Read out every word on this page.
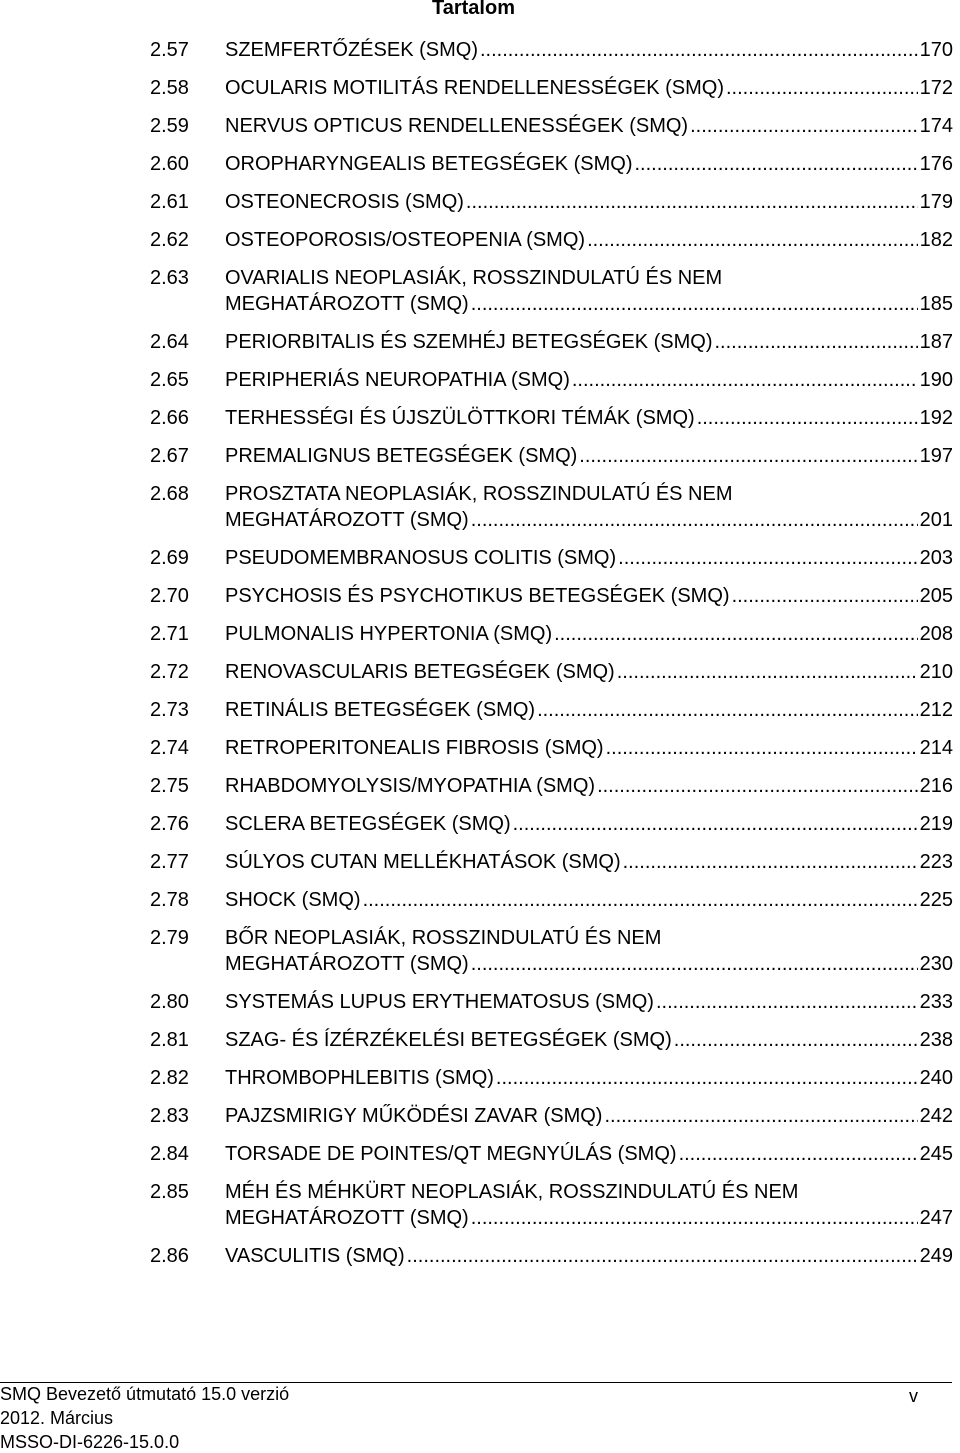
Tartalom
2.57	SZEMFERTŐZÉSEK (SMQ) .....	170
2.58	OCULARIS MOTILITÁS RENDELLENESSÉGEK (SMQ) .....	172
2.59	NERVUS OPTICUS RENDELLENESSÉGEK (SMQ) .....	174
2.60	OROPHARYNGEALIS BETEGSÉGEK (SMQ) .....	176
2.61	OSTEONECROSIS (SMQ) .....	179
2.62	OSTEOPOROSIS/OSTEOPENIA (SMQ) .....	182
2.63	OVARIALIS NEOPLASIÁK, ROSSZINDULATÚ ÉS NEM
MEGHATÁROZOTT (SMQ) .....	185
2.64	PERIORBITALIS ÉS SZEMHÉJ BETEGSÉGEK (SMQ) .....	187
2.65	PERIPHERIÁS NEUROPATHIA (SMQ) .....	190
2.66	TERHESSÉGI ÉS ÚJSZÜLÖTTKORI TÉMÁK (SMQ) .....	192
2.67	PREMALIGNUS BETEGSÉGEK (SMQ) .....	197
2.68	PROSZTATA NEOPLASIÁK, ROSSZINDULATÚ ÉS NEM
MEGHATÁROZOTT (SMQ) .....	201
2.69	PSEUDOMEMBRANOSUS COLITIS (SMQ) .....	203
2.70	PSYCHOSIS ÉS PSYCHOTIKUS BETEGSÉGEK (SMQ) .....	205
2.71	PULMONALIS HYPERTONIA (SMQ) .....	208
2.72	RENOVASCULARIS BETEGSÉGEK (SMQ) .....	210
2.73	RETINÁLIS BETEGSÉGEK (SMQ) .....	212
2.74	RETROPERITONEALIS FIBROSIS (SMQ) .....	214
2.75	RHABDOMYOLYSIS/MYOPATHIA (SMQ) .....	216
2.76	SCLERA BETEGSÉGEK (SMQ) .....	219
2.77	SÚLYOS CUTAN MELLÉKHATÁSOK (SMQ) .....	223
2.78	SHOCK (SMQ) .....	225
2.79	BŐR NEOPLASIÁK, ROSSZINDULATÚ ÉS NEM
MEGHATÁROZOTT (SMQ) .....	230
2.80	SYSTEMÁS LUPUS ERYTHEMATOSUS (SMQ) .....	233
2.81	SZAG- ÉS ÍZÉRZÉKELÉSI BETEGSÉGEK (SMQ) .....	238
2.82	THROMBOPHLEBITIS (SMQ) .....	240
2.83	PAJZSMIRIGY MŰKÖDÉSI ZAVAR (SMQ) .....	242
2.84	TORSADE DE POINTES/QT MEGNYÚLÁS (SMQ) .....	245
2.85	MÉH ÉS MÉHKÜRT NEOPLASIÁK, ROSSZINDULATÚ ÉS NEM
MEGHATÁROZOTT (SMQ) .....	247
2.86	VASCULITIS (SMQ) .....	249
SMQ Bevezető útmutató 15.0 verzió
2012. Március
MSSO-DI-6226-15.0.0
v
